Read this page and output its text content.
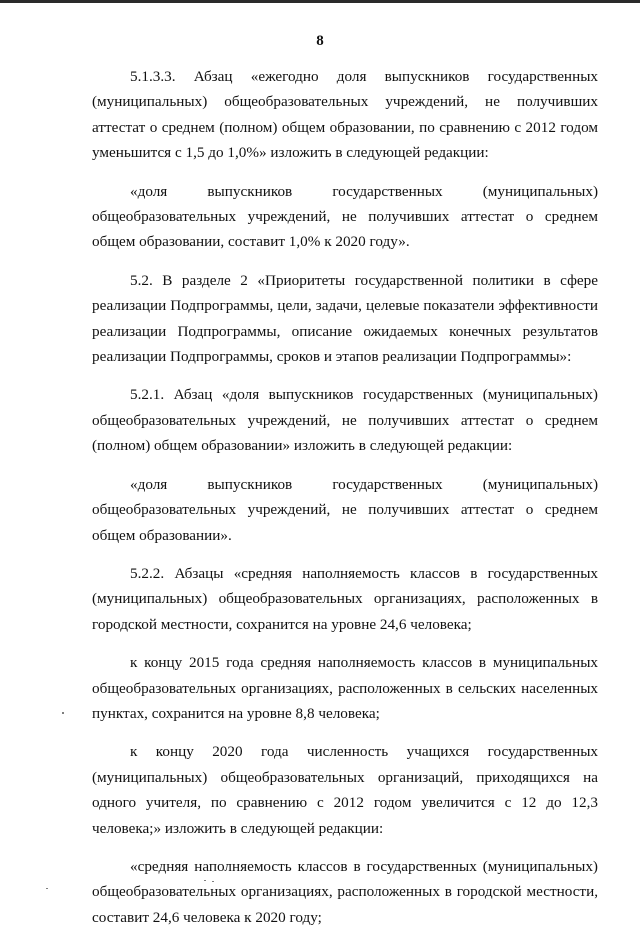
8

5.1.3.3. Абзац «ежегодно доля выпускников государственных (муниципальных) общеобразовательных учреждений, не получивших аттестат о среднем (полном) общем образовании, по сравнению с 2012 годом уменьшится с 1,5 до 1,0%» изложить в следующей редакции:

«доля выпускников государственных (муниципальных) общеобразовательных учреждений, не получивших аттестат о среднем общем образовании, составит 1,0% к 2020 году».

5.2. В разделе 2 «Приоритеты государственной политики в сфере реализации Подпрограммы, цели, задачи, целевые показатели эффективности реализации Подпрограммы, описание ожидаемых конечных результатов реализации Подпрограммы, сроков и этапов реализации Подпрограммы»:

5.2.1. Абзац «доля выпускников государственных (муниципальных) общеобразовательных учреждений, не получивших аттестат о среднем (полном) общем образовании» изложить в следующей редакции:

«доля выпускников государственных (муниципальных) общеобразовательных учреждений, не получивших аттестат о среднем общем образовании».

5.2.2. Абзацы «средняя наполняемость классов в государственных (муниципальных) общеобразовательных организациях, расположенных в городской местности, сохранится на уровне 24,6 человека;

к концу 2015 года средняя наполняемость классов в муниципальных общеобразовательных организациях, расположенных в сельских населенных пунктах, сохранится на уровне 8,8 человека;

к концу 2020 года численность учащихся государственных (муниципальных) общеобразовательных организаций, приходящихся на одного учителя, по сравнению с 2012 годом увеличится с 12 до 12,3 человека;» изложить в следующей редакции:

«средняя наполняемость классов в государственных (муниципальных) общеобразовательных организациях, расположенных в городской местности, составит 24,6 человека к 2020 году;
